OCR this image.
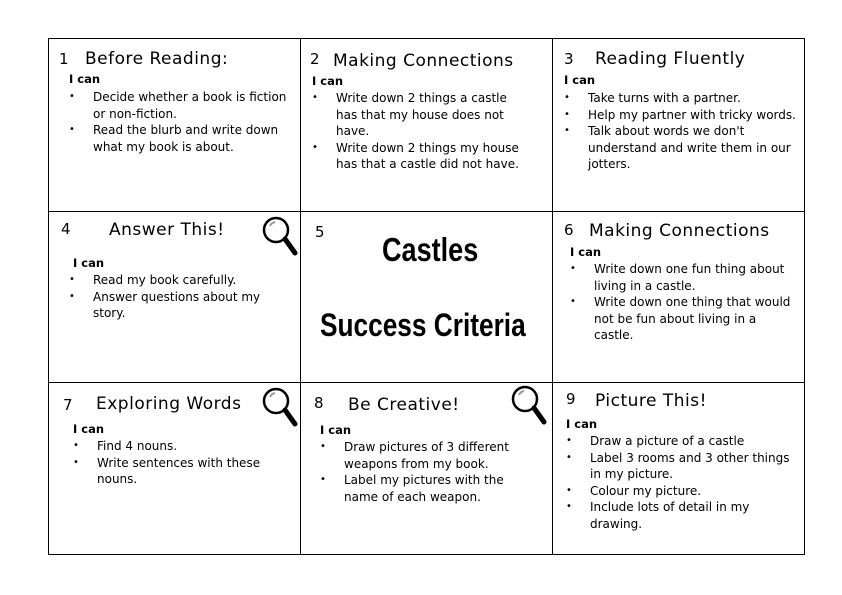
1 Before Reading:
I can
• Decide whether a book is fiction or non-fiction.
• Read the blurb and write down what my book is about.
2 Making Connections
I can
• Write down 2 things a castle has that my house does not have.
• Write down 2 things my house has that a castle did not have.
3 Reading Fluently
I can
• Take turns with a partner.
• Help my partner with tricky words.
• Talk about words we don't understand and write them in our jotters.
4 Answer This!
I can
• Read my book carefully.
• Answer questions about my story.
5 Castles
Success Criteria
6 Making Connections
I can
• Write down one fun thing about living in a castle.
• Write down one thing that would not be fun about living in a castle.
7 Exploring Words
I can
• Find 4 nouns.
• Write sentences with these nouns.
8 Be Creative!
I can
• Draw pictures of 3 different weapons from my book.
• Label my pictures with the name of each weapon.
9 Picture This!
I can
• Draw a picture of a castle
• Label 3 rooms and 3 other things in my picture.
• Colour my picture.
• Include lots of detail in my drawing.
